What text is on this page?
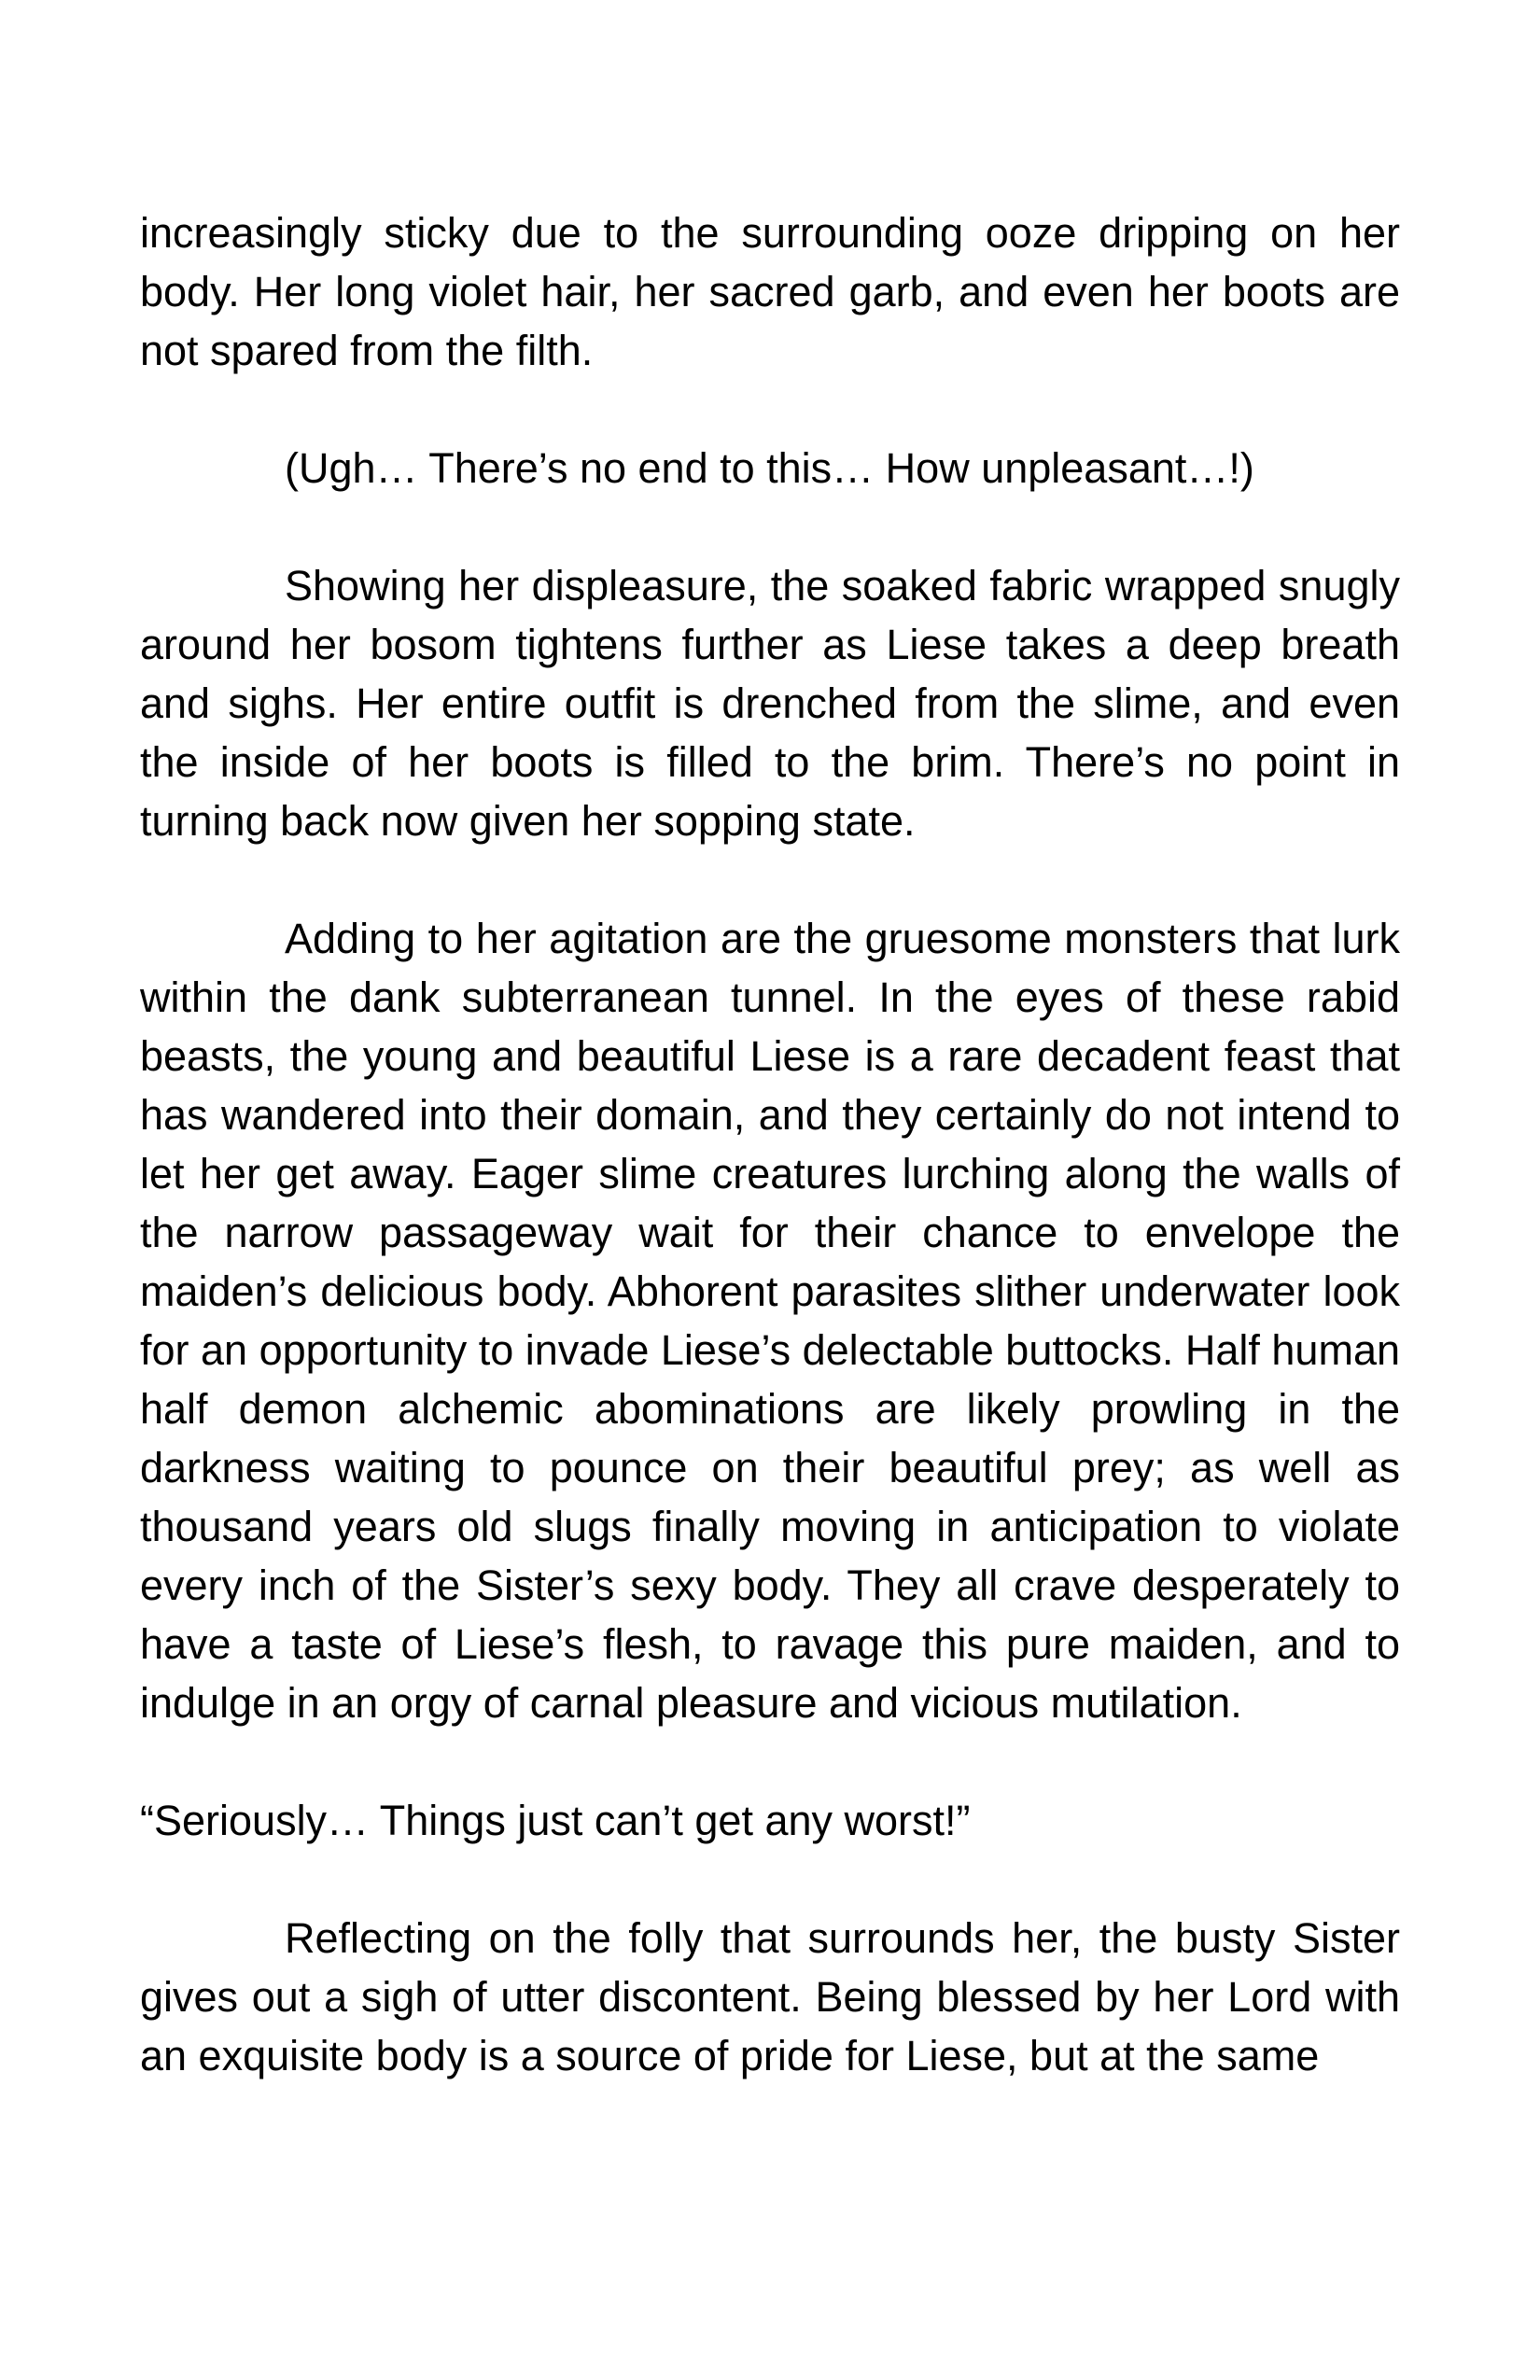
increasingly sticky due to the surrounding ooze dripping on her body. Her long violet hair, her sacred garb, and even her boots are not spared from the filth.

(Ugh… There’s no end to this… How unpleasant…!)

Showing her displeasure, the soaked fabric wrapped snugly around her bosom tightens further as Liese takes a deep breath and sighs. Her entire outfit is drenched from the slime, and even the inside of her boots is filled to the brim. There’s no point in turning back now given her sopping state.

Adding to her agitation are the gruesome monsters that lurk within the dank subterranean tunnel. In the eyes of these rabid beasts, the young and beautiful Liese is a rare decadent feast that has wandered into their domain, and they certainly do not intend to let her get away. Eager slime creatures lurching along the walls of the narrow passageway wait for their chance to envelope the maiden’s delicious body. Abhorent parasites slither underwater look for an opportunity to invade Liese’s delectable buttocks. Half human half demon alchemic abominations are likely prowling in the darkness waiting to pounce on their beautiful prey; as well as thousand years old slugs finally moving in anticipation to violate every inch of the Sister’s sexy body. They all crave desperately to have a taste of Liese’s flesh, to ravage this pure maiden, and to indulge in an orgy of carnal pleasure and vicious mutilation.

“Seriously… Things just can’t get any worst!”

Reflecting on the folly that surrounds her, the busty Sister gives out a sigh of utter discontent. Being blessed by her Lord with an exquisite body is a source of pride for Liese, but at the same
